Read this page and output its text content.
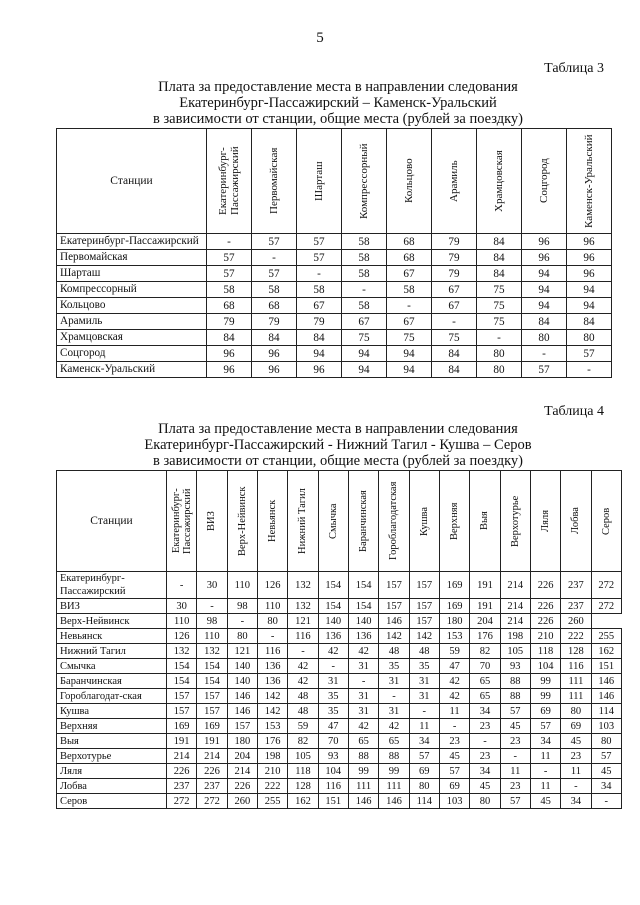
5
Таблица 3
Плата за предоставление места в направлении следования
Екатеринбург-Пассажирский – Каменск-Уральский
в зависимости от станции, общие места (рублей за поездку)
Станции	Екатеринбург-Пассажирский	Первомайская	Шарташ	Компрессорный	Кольцово	Арамиль	Храмцовская	Соцгород	Каменск-Уральский

Екатеринбург-Пассажирский	-	57	57	58	68	79	84	96	96
Первомайская	57	-	57	58	68	79	84	96	96
Шарташ	57	57	-	58	67	79	84	94	96
Компрессорный	58	58	58	-	58	67	75	94	94
Кольцово	68	68	67	58	-	67	75	94	94
Арамиль	79	79	79	67	67	-	75	84	84
Храмцовская	84	84	84	75	75	75	-	80	80
Соцгород	96	96	94	94	94	84	80	-	57
Каменск-Уральский	96	96	96	94	94	84	80	57	-
Таблица 4
Плата за предоставление места в направлении следования
Екатеринбург-Пассажирский - Нижний Тагил - Кушва – Серов
в зависимости от станции, общие места (рублей за поездку)
Станции	Екатеринбург-Пассажирский	ВИЗ	Верх-Нейвинск	Невьянск	Нижний Тагил	Смычка	Баранчинская	Гороблагодатская	Кушва	Верхняя	Выя	Верхотурье	Ляля	Лобва	Серов

Екатеринбург-Пассажирский	-	30	110	126	132	154	154	157	157	169	191	214	226	237	272
ВИЗ	30	-	98	110	132	154	154	157	157	169	191	214	226	237	272
Верх-Нейвинск	110	98	-	80	121	140	140	146	157	180	204	214	226	260	
Невьянск	126	110	80	-	116	136	136	142	142	153	176	198	210	222	255
Нижний Тагил	132	132	121	116	-	42	42	48	48	59	82	105	118	128	162
Смычка	154	154	140	136	42	-	31	35	35	47	70	93	104	116	151
Баранчинская	154	154	140	136	42	31	-	31	31	42	65	88	99	111	146
Гороблагодат-ская	157	157	146	142	48	35	31	-	31	42	65	88	99	111	146
Кушва	157	157	146	142	48	35	31	31	-	11	34	57	69	80	114
Верхняя	169	169	157	153	59	47	42	42	11	-	23	45	57	69	103
Выя	191	191	180	176	82	70	65	65	34	23	-	23	34	45	80
Верхотурье	214	214	204	198	105	93	88	88	57	45	23	-	11	23	57
Ляля	226	226	214	210	118	104	99	99	69	57	34	11	-	11	45
Лобва	237	237	226	222	128	116	111	111	80	69	45	23	11	-	34
Серов	272	272	260	255	162	151	146	146	114	103	80	57	45	34	-
